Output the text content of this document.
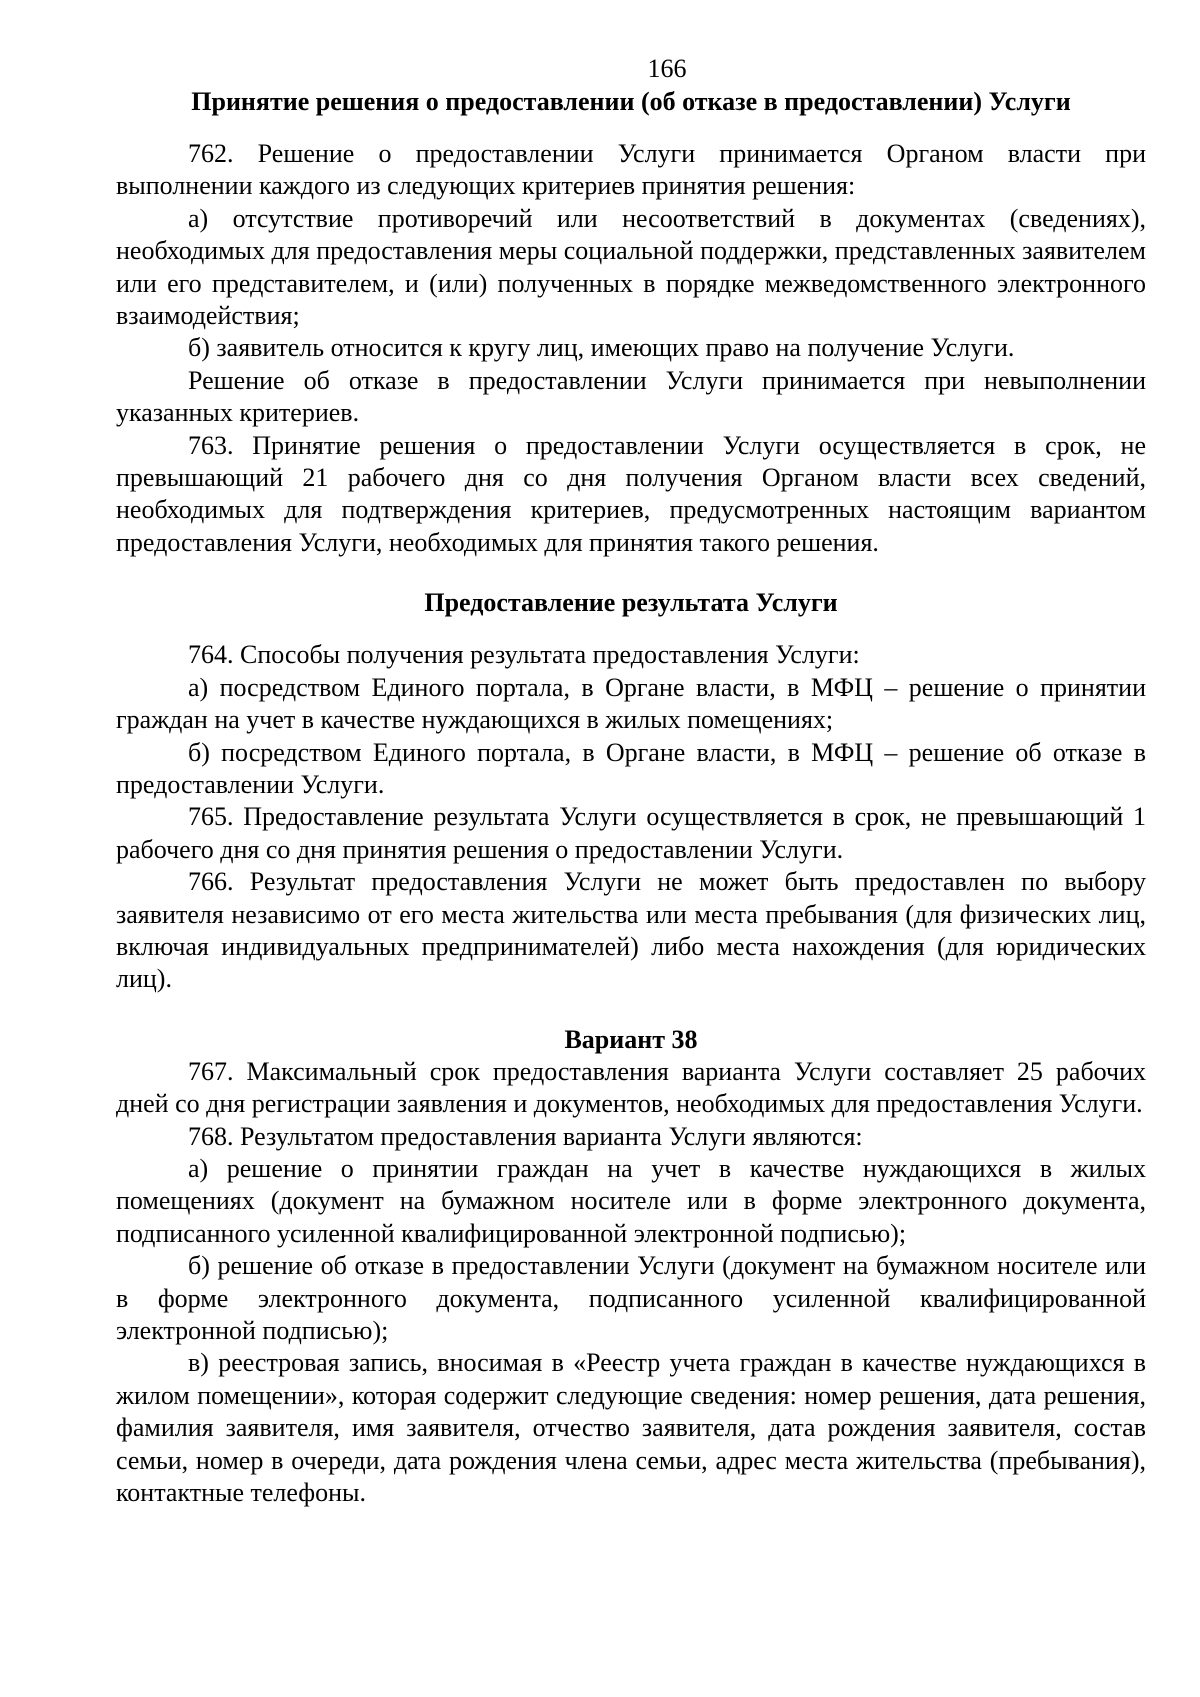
166
Принятие решения о предоставлении (об отказе в предоставлении) Услуги

762. Решение о предоставлении Услуги принимается Органом власти при выполнении каждого из следующих критериев принятия решения:

а) отсутствие противоречий или несоответствий в документах (сведениях), необходимых для предоставления меры социальной поддержки, представленных заявителем или его представителем, и (или) полученных в порядке межведомственного электронного взаимодействия;

б) заявитель относится к кругу лиц, имеющих право на получение Услуги.

Решение об отказе в предоставлении Услуги принимается при невыполнении указанных критериев.

763. Принятие решения о предоставлении Услуги осуществляется в срок, не превышающий 21 рабочего дня со дня получения Органом власти всех сведений, необходимых для подтверждения критериев, предусмотренных настоящим вариантом предоставления Услуги, необходимых для принятия такого решения.

Предоставление результата Услуги

764. Способы получения результата предоставления Услуги:

а) посредством Единого портала, в Органе власти, в МФЦ – решение о принятии граждан на учет в качестве нуждающихся в жилых помещениях;

б) посредством Единого портала, в Органе власти, в МФЦ – решение об отказе в предоставлении Услуги.

765. Предоставление результата Услуги осуществляется в срок, не превышающий 1 рабочего дня со дня принятия решения о предоставлении Услуги.

766. Результат предоставления Услуги не может быть предоставлен по выбору заявителя независимо от его места жительства или места пребывания (для физических лиц, включая индивидуальных предпринимателей) либо места нахождения (для юридических лиц).

Вариант 38

767. Максимальный срок предоставления варианта Услуги составляет 25 рабочих дней со дня регистрации заявления и документов, необходимых для предоставления Услуги.

768. Результатом предоставления варианта Услуги являются:

а) решение о принятии граждан на учет в качестве нуждающихся в жилых помещениях (документ на бумажном носителе или в форме электронного документа, подписанного усиленной квалифицированной электронной подписью);

б) решение об отказе в предоставлении Услуги (документ на бумажном носителе или в форме электронного документа, подписанного усиленной квалифицированной электронной подписью);

в) реестровая запись, вносимая в «Реестр учета граждан в качестве нуждающихся в жилом помещении», которая содержит следующие сведения: номер решения, дата решения, фамилия заявителя, имя заявителя, отчество заявителя, дата рождения заявителя, состав семьи, номер в очереди, дата рождения члена семьи, адрес места жительства (пребывания), контактные телефоны.
